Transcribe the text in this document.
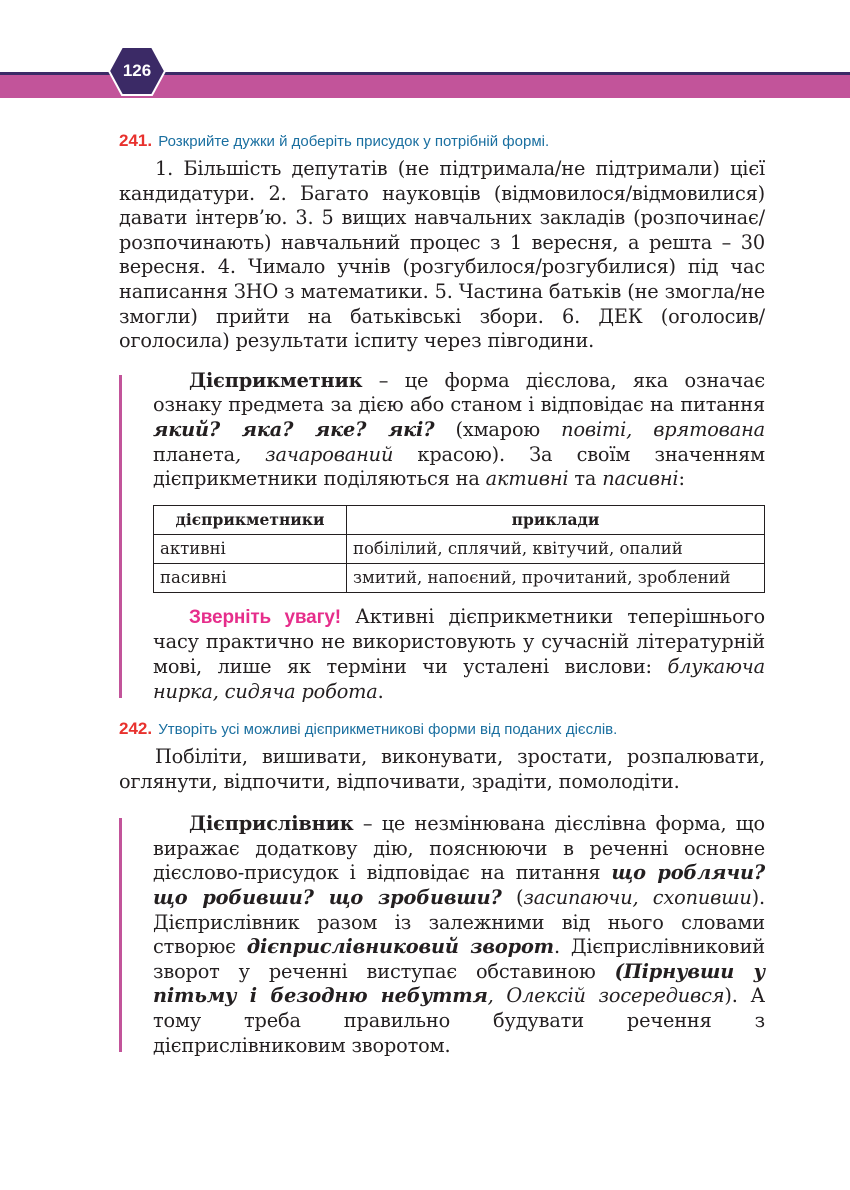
126

241. Розкрийте дужки й доберіть присудок у потрібній формі.

1. Більшість депутатів (не підтримала/не підтримали) цієї кандидатури. 2. Багато науковців (відмовилося/відмовилися) давати інтерв’ю. 3. 5 вищих навчальних закладів (розпочинає/розпочинають) навчальний процес з 1 вересня, а решта – 30 вересня. 4. Чимало учнів (розгубилося/розгубилися) під час написання ЗНО з математики. 5. Частина батьків (не змогла/не змогли) прийти на батьківські збори. 6. ДЕК (оголосив/оголосила) результати іспиту через півгодини.

Дієприкметник – це форма дієслова, яка означає ознаку предмета за дією або станом і відповідає на питання який? яка? яке? які? (хмарою повіті, врятована планета, зачарований красою). За своїм значенням дієприкметники поділяються на активні та пасивні:

дієприкметники	приклади
активні	побілілий, сплячий, квітучий, опалий
пасивні	змитий, напоєний, прочитаний, зроблений

Зверніть увагу! Активні дієприкметники теперішнього часу практично не використовують у сучасній літературній мові, лише як терміни чи усталені вислови: блукаюча нирка, сидяча робота.

242. Утворіть усі можливі дієприкметникові форми від поданих дієслів.

Побіліти, вишивати, виконувати, зростати, розпалювати, оглянути, відпочити, відпочивати, зрадіти, помолодіти.

Дієприслівник – це незмінювана дієслівна форма, що виражає додаткову дію, пояснюючи в реченні основне дієслово-присудок і відповідає на питання що роблячи? що робивши? що зробивши? (засипаючи, схопивши). Дієприслівник разом із залежними від нього словами створює дієприслівниковий зворот. Дієприслівниковий зворот у реченні виступає обставиною (Пірнувши у пітьму і безодню небуття, Олексій зосередився). А тому треба правильно будувати речення з дієприслівниковим зворотом.
